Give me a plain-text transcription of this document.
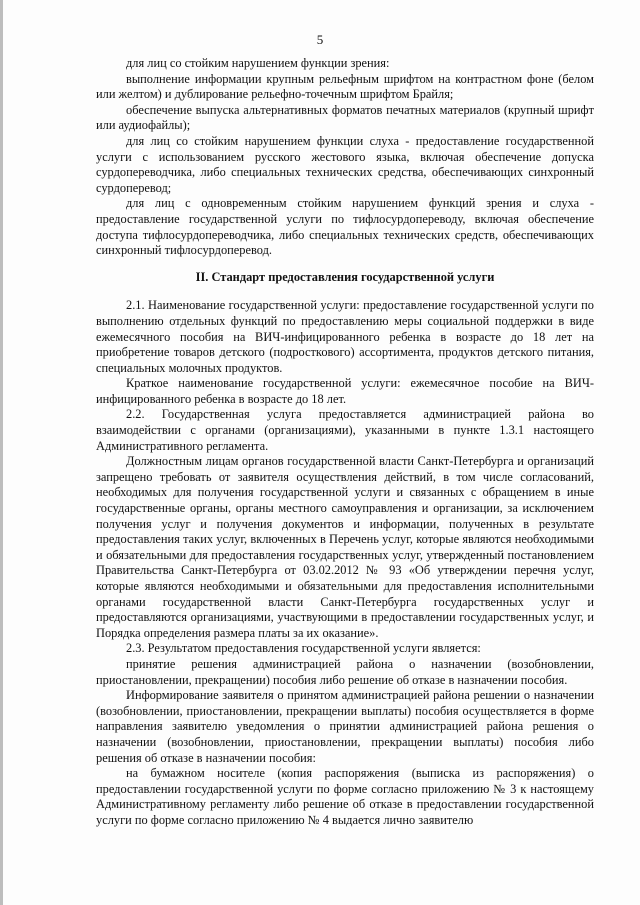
5

для лиц со стойким нарушением функции зрения:

выполнение информации крупным рельефным шрифтом на контрастном фоне (белом или желтом) и дублирование рельефно-точечным шрифтом Брайля;

обеспечение выпуска альтернативных форматов печатных материалов (крупный шрифт или аудиофайлы);

для лиц со стойким нарушением функции слуха - предоставление государственной услуги с использованием русского жестового языка, включая обеспечение допуска сурдопереводчика, либо специальных технических средства, обеспечивающих синхронный сурдоперевод;

для лиц с одновременным стойким нарушением функций зрения и слуха - предоставление государственной услуги по тифлосурдопереводу, включая обеспечение доступа тифлосурдопереводчика, либо специальных технических средств, обеспечивающих синхронный тифлосурдоперевод.

II. Стандарт предоставления государственной услуги

2.1. Наименование государственной услуги: предоставление государственной услуги по выполнению отдельных функций по предоставлению меры социальной поддержки в виде ежемесячного пособия на ВИЧ-инфицированного ребенка в возрасте до 18 лет на приобретение товаров детского (подросткового) ассортимента, продуктов детского питания, специальных молочных продуктов.

Краткое наименование государственной услуги: ежемесячное пособие на ВИЧ-инфицированного ребенка в возрасте до 18 лет.

2.2. Государственная услуга предоставляется администрацией района во взаимодействии с органами (организациями), указанными в пункте 1.3.1 настоящего Административного регламента.

Должностным лицам органов государственной власти Санкт-Петербурга и организаций запрещено требовать от заявителя осуществления действий, в том числе согласований, необходимых для получения государственной услуги и связанных с обращением в иные государственные органы, органы местного самоуправления и организации, за исключением получения услуг и получения документов и информации, полученных в результате предоставления таких услуг, включенных в Перечень услуг, которые являются необходимыми и обязательными для предоставления государственных услуг, утвержденный постановлением Правительства Санкт-Петербурга от 03.02.2012 № 93 «Об утверждении перечня услуг, которые являются необходимыми и обязательными для предоставления исполнительными органами государственной власти Санкт-Петербурга государственных услуг и предоставляются организациями, участвующими в предоставлении государственных услуг, и Порядка определения размера платы за их оказание».

2.3. Результатом предоставления государственной услуги является:

принятие решения администрацией района о назначении (возобновлении, приостановлении, прекращении) пособия либо решение об отказе в назначении пособия.

Информирование заявителя о принятом администрацией района решении о назначении (возобновлении, приостановлении, прекращении выплаты) пособия осуществляется в форме направления заявителю уведомления о принятии администрацией района решения о назначении (возобновлении, приостановлении, прекращении выплаты) пособия либо решения об отказе в назначении пособия:

на бумажном носителе (копия распоряжения (выписка из распоряжения) о предоставлении государственной услуги по форме согласно приложению № 3 к настоящему Административному регламенту либо решение об отказе в предоставлении государственной услуги по форме согласно приложению № 4 выдается лично заявителю
